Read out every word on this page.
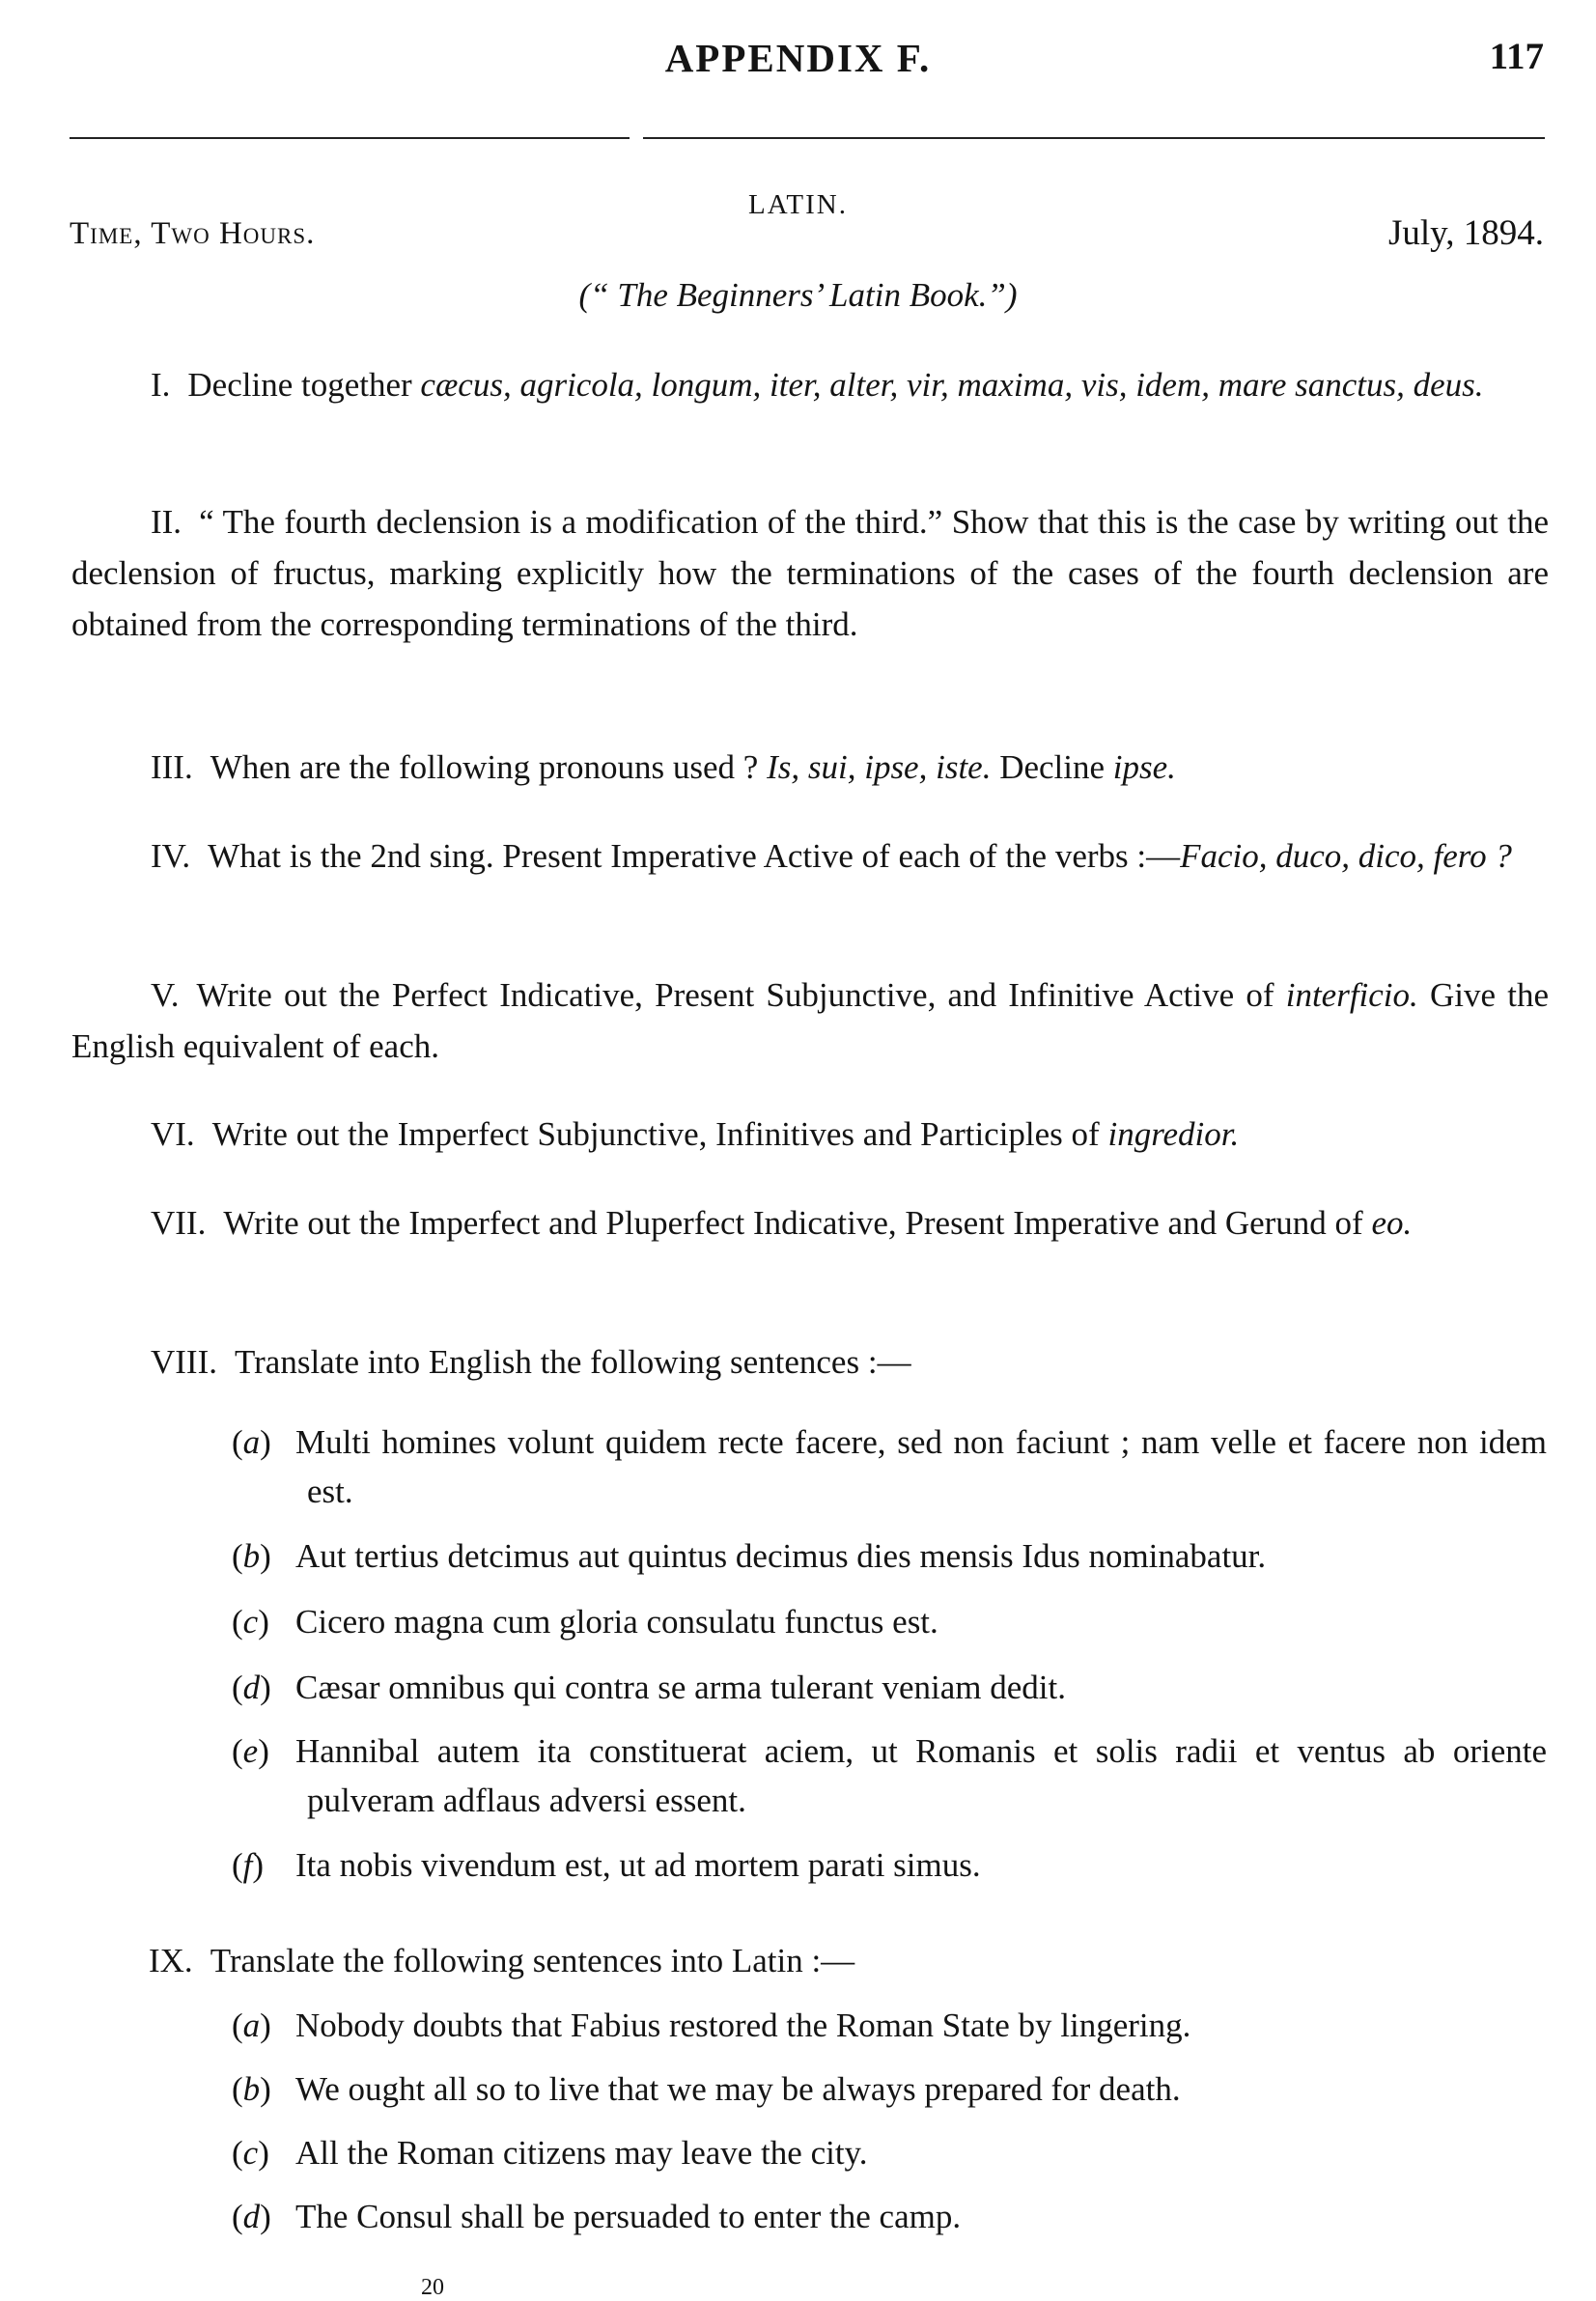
APPENDIX F.	117
LATIN.
Time, Two Hours.	July, 1894.
(“ The Beginners’ Latin Book.”)
I. Decline together cæcus, agricola, longum, iter, alter, vir, maxima, vis, idem, mare sanctus, deus.
II. “ The fourth declension is a modification of the third.” Show that this is the case by writing out the declension of fructus, marking explicitly how the terminations of the cases of the fourth declension are obtained from the corresponding terminations of the third.
III. When are the following pronouns used ? Is, sui, ipse, iste. Decline ipse.
IV. What is the 2nd sing. Present Imperative Active of each of the verbs :—Facio, duco, dico, fero ?
V. Write out the Perfect Indicative, Present Subjunctive, and Infinitive Active of interficio. Give the English equivalent of each.
VI. Write out the Imperfect Subjunctive, Infinitives and Participles of ingredior.
VII. Write out the Imperfect and Pluperfect Indicative, Present Imperative and Gerund of eo.
VIII. Translate into English the following sentences :—
(a) Multi homines volunt quidem recte facere, sed non faciunt ; nam velle et facere non idem est.
(b) Aut tertius detcimus aut quintus decimus dies mensis Idus nominabatur.
(c) Cicero magna cum gloria consulatu functus est.
(d) Cæsar omnibus qui contra se arma tulerant veniam dedit.
(e) Hannibal autem ita constituerat aciem, ut Romanis et solis radii et ventus ab oriente pulveram adflaus adversi essent.
(f) Ita nobis vivendum est, ut ad mortem parati simus.
IX. Translate the following sentences into Latin :—
(a) Nobody doubts that Fabius restored the Roman State by lingering.
(b) We ought all so to live that we may be always prepared for death.
(c) All the Roman citizens may leave the city.
(d) The Consul shall be persuaded to enter the camp.
20
